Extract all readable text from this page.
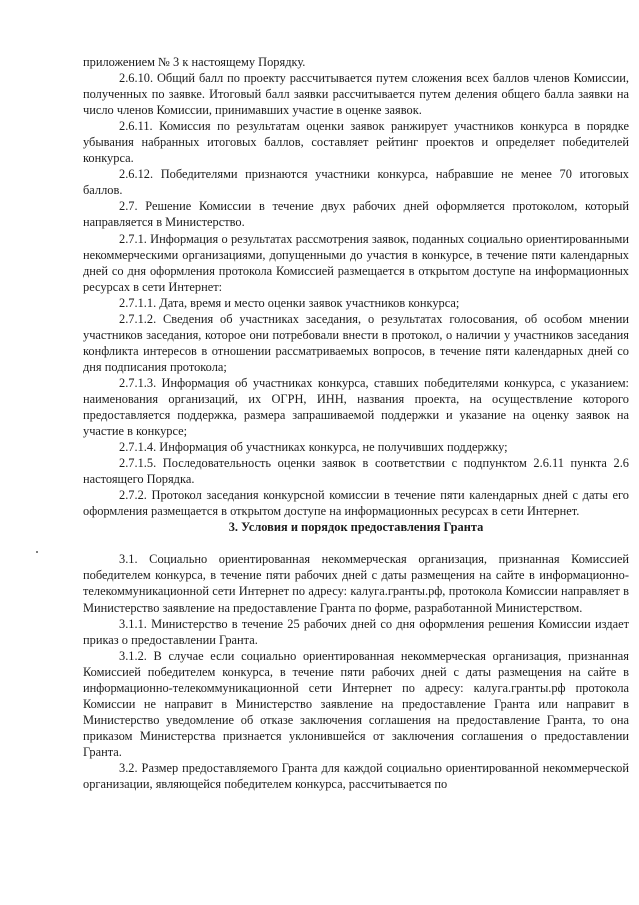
приложением № 3 к настоящему Порядку.

2.6.10. Общий балл по проекту рассчитывается путем сложения всех баллов членов Комиссии, полученных по заявке. Итоговый балл заявки рассчитывается путем деления общего балла заявки на число членов Комиссии, принимавших участие в оценке заявок.

2.6.11. Комиссия по результатам оценки заявок ранжирует участников конкурса в порядке убывания набранных итоговых баллов, составляет рейтинг проектов и определяет победителей конкурса.

2.6.12. Победителями признаются участники конкурса, набравшие не менее 70 итоговых баллов.

2.7. Решение Комиссии в течение двух рабочих дней оформляется протоколом, который направляется в Министерство.

2.7.1. Информация о результатах рассмотрения заявок, поданных социально ориентированными некоммерческими организациями, допущенными до участия в конкурсе, в течение пяти календарных дней со дня оформления протокола Комиссией размещается в открытом доступе на информационных ресурсах в сети Интернет:

2.7.1.1. Дата, время и место оценки заявок участников конкурса;

2.7.1.2. Сведения об участниках заседания, о результатах голосования, об особом мнении участников заседания, которое они потребовали внести в протокол, о наличии у участников заседания конфликта интересов в отношении рассматриваемых вопросов, в течение пяти календарных дней со дня подписания протокола;

2.7.1.3. Информация об участниках конкурса, ставших победителями конкурса, с указанием: наименования организаций, их ОГРН, ИНН, названия проекта, на осуществление которого предоставляется поддержка, размера запрашиваемой поддержки и указание на оценку заявок на участие в конкурсе;

2.7.1.4. Информация об участниках конкурса, не получивших поддержку;

2.7.1.5. Последовательность оценки заявок в соответствии с подпунктом 2.6.11 пункта 2.6 настоящего Порядка.

2.7.2. Протокол заседания конкурсной комиссии в течение пяти календарных дней с даты его оформления размещается в открытом доступе на информационных ресурсах в сети Интернет.

3. Условия и порядок предоставления Гранта

3.1. Социально ориентированная некоммерческая организация, признанная Комиссией победителем конкурса, в течение пяти рабочих дней с даты размещения на сайте в информационно-телекоммуникационной сети Интернет по адресу: калуга.гранты.рф, протокола Комиссии направляет в Министерство заявление на предоставление Гранта по форме, разработанной Министерством.

3.1.1. Министерство в течение 25 рабочих дней со дня оформления решения Комиссии издает приказ о предоставлении Гранта.

3.1.2. В случае если социально ориентированная некоммерческая организация, признанная Комиссией победителем конкурса, в течение пяти рабочих дней с даты размещения на сайте в информационно-телекоммуникационной сети Интернет по адресу: калуга.гранты.рф протокола Комиссии не направит в Министерство заявление на предоставление Гранта или направит в Министерство уведомление об отказе заключения соглашения на предоставление Гранта, то она приказом Министерства признается уклонившейся от заключения соглашения о предоставлении Гранта.

3.2. Размер предоставляемого Гранта для каждой социально ориентированной некоммерческой организации, являющейся победителем конкурса, рассчитывается по
